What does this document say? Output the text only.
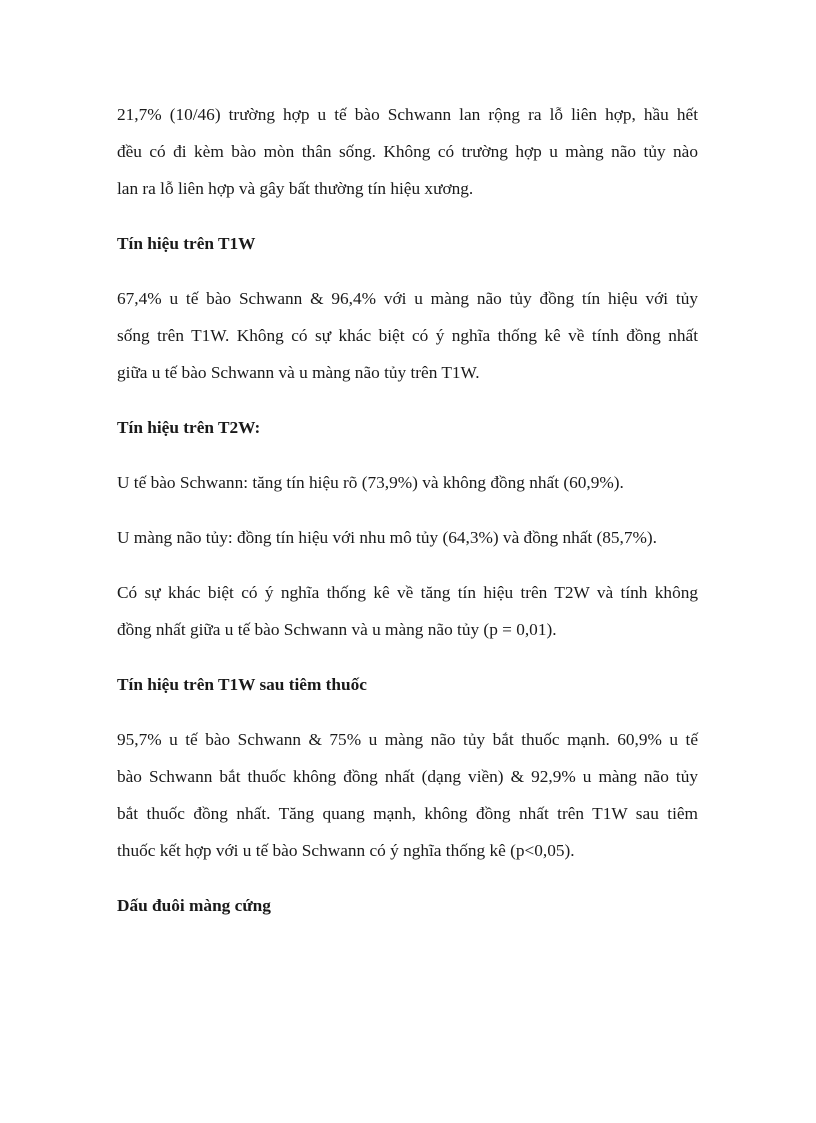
21,7% (10/46) trường hợp u tế bào Schwann lan rộng ra lỗ liên hợp, hầu hết
đều có đi kèm bào mòn thân sống. Không có trường hợp u màng não tủy nào
lan ra lỗ liên hợp và gây bất thường tín hiệu xương.

Tín hiệu trên T1W

67,4% u tế bào Schwann & 96,4% với u màng não tủy đồng tín hiệu với tủy
sống trên T1W. Không có sự khác biệt có ý nghĩa thống kê về tính đồng nhất
giữa u tế bào Schwann và u màng não tủy trên T1W.

Tín hiệu trên T2W:

U tế bào Schwann: tăng tín hiệu rõ (73,9%) và không đồng nhất (60,9%).

U màng não tủy: đồng tín hiệu với nhu mô tủy (64,3%) và đồng nhất (85,7%).

Có sự khác biệt có ý nghĩa thống kê về tăng tín hiệu trên T2W và tính không
đồng nhất giữa u tế bào Schwann và u màng não tủy (p = 0,01).

Tín hiệu trên T1W sau tiêm thuốc

95,7% u tế bào Schwann & 75% u màng não tủy bắt thuốc mạnh. 60,9% u tế
bào Schwann bắt thuốc không đồng nhất (dạng viền) & 92,9% u màng não tủy
bắt thuốc đồng nhất. Tăng quang mạnh, không đồng nhất trên T1W sau tiêm
thuốc kết hợp với u tế bào Schwann có ý nghĩa thống kê (p<0,05).

Dấu đuôi màng cứng
